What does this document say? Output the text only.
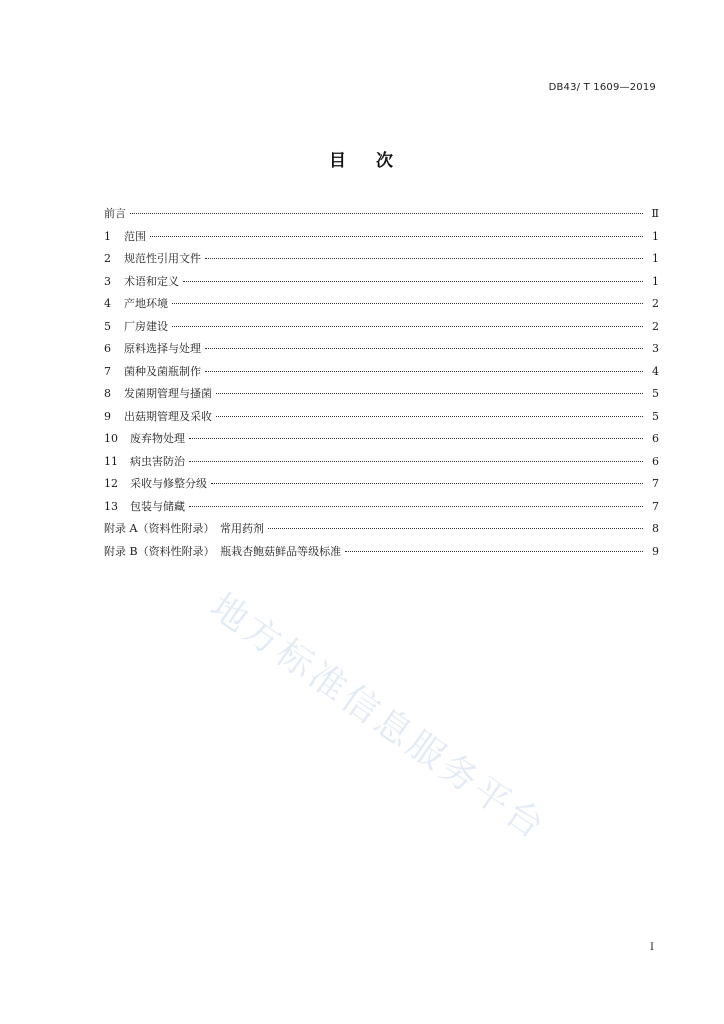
DB43/ T 1609—2019
目 次
前言	Ⅱ
1	范围	1
2	规范性引用文件	1
3	术语和定义	1
4	产地环境	2
5	厂房建设	2
6	原料选择与处理	3
7	菌种及菌瓶制作	4
8	发菌期管理与搔菌	5
9	出菇期管理及采收	5
10	废弃物处理	6
11	病虫害防治	6
12	采收与修整分级	7
13	包装与储藏	7
附录 A（资料性附录）　常用药剂	8
附录 B（资料性附录）　瓶栽杏鲍菇鲜品等级标准	9
地方标准信息服务平台
I
